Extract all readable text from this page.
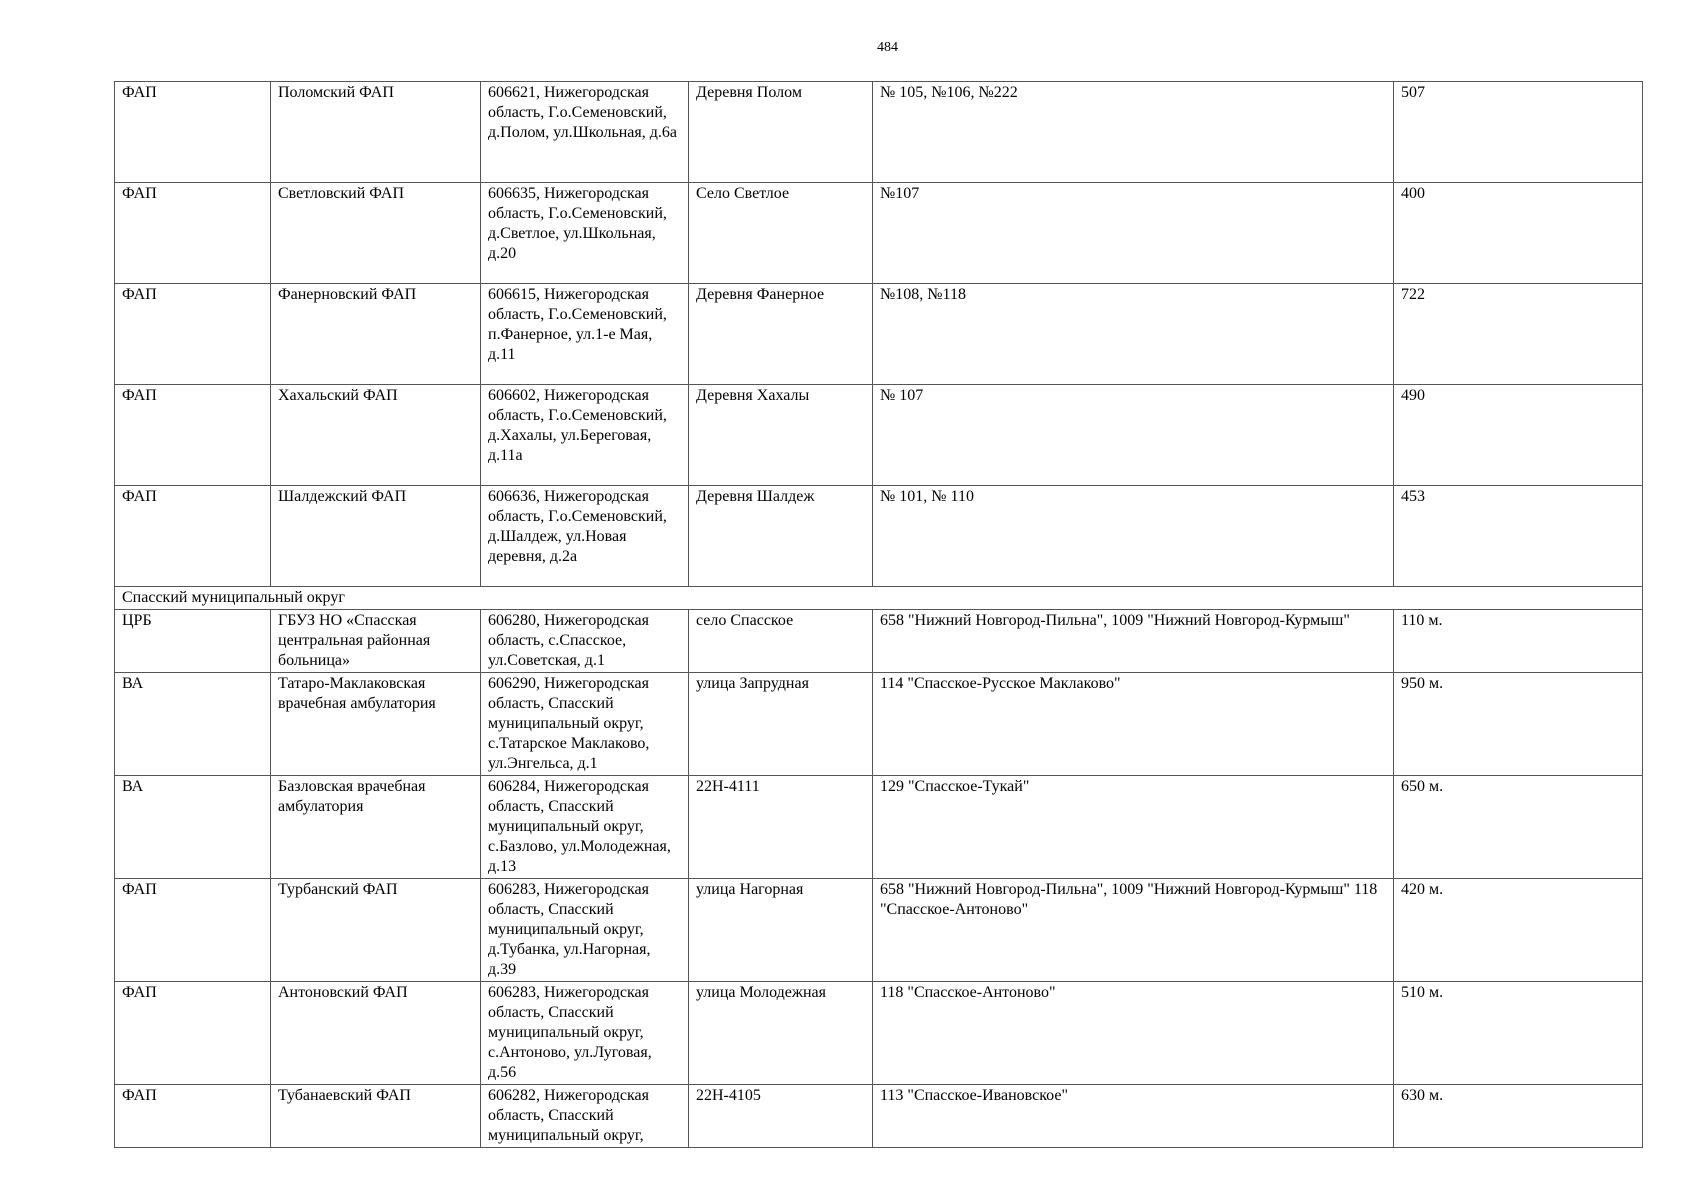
484
ФАП	Поломский ФАП	606621, Нижегородская область, Г.о.Семеновский, д.Полом, ул.Школьная, д.6а	Деревня Полом	№ 105, №106, №222	507
ФАП	Светловский ФАП	606635, Нижегородская область, Г.о.Семеновский, д.Светлое, ул.Школьная, д.20	Село Светлое	№107	400
ФАП	Фанерновский ФАП	606615, Нижегородская область, Г.о.Семеновский, п.Фанерное, ул.1-е Мая, д.11	Деревня Фанерное	№108, №118	722
ФАП	Хахальский ФАП	606602, Нижегородская область, Г.о.Семеновский, д.Хахалы, ул.Береговая, д.11а	Деревня Хахалы	№ 107	490
ФАП	Шалдежский ФАП	606636, Нижегородская область, Г.о.Семеновский, д.Шалдеж, ул.Новая деревня, д.2а	Деревня Шалдеж	№ 101, № 110	453
Спасский муниципальный округ					
ЦРБ	ГБУЗ НО «Спасская центральная районная больница»	606280, Нижегородская область, с.Спасское, ул.Советская, д.1	село Спасское	658 "Нижний Новгород-Пильна", 1009 "Нижний Новгород-Курмыш"	110 м.
ВА	Татаро-Маклаковская врачебная амбулатория	606290, Нижегородская область, Спасский муниципальный округ, с.Татарское Маклаково, ул.Энгельса, д.1	улица Запрудная	114 "Спасское-Русское Маклаково"	950 м.
ВА	Базловская врачебная амбулатория	606284, Нижегородская область, Спасский муниципальный округ, с.Базлово, ул.Молодежная, д.13	22Н-4111	129 "Спасское-Тукай"	650 м.
ФАП	Турбанский ФАП	606283, Нижегородская область, Спасский муниципальный округ, д.Тубанка, ул.Нагорная, д.39	улица Нагорная	658 "Нижний Новгород-Пильна", 1009 "Нижний Новгород-Курмыш" 118 "Спасское-Антоново"	420 м.
ФАП	Антоновский ФАП	606283, Нижегородская область, Спасский муниципальный округ, с.Антоново, ул.Луговая, д.56	улица Молодежная	118 "Спасское-Антоново"	510 м.
ФАП	Тубанаевский ФАП	606282, Нижегородская область, Спасский муниципальный округ,	22Н-4105	113 "Спасское-Ивановское"	630 м.
